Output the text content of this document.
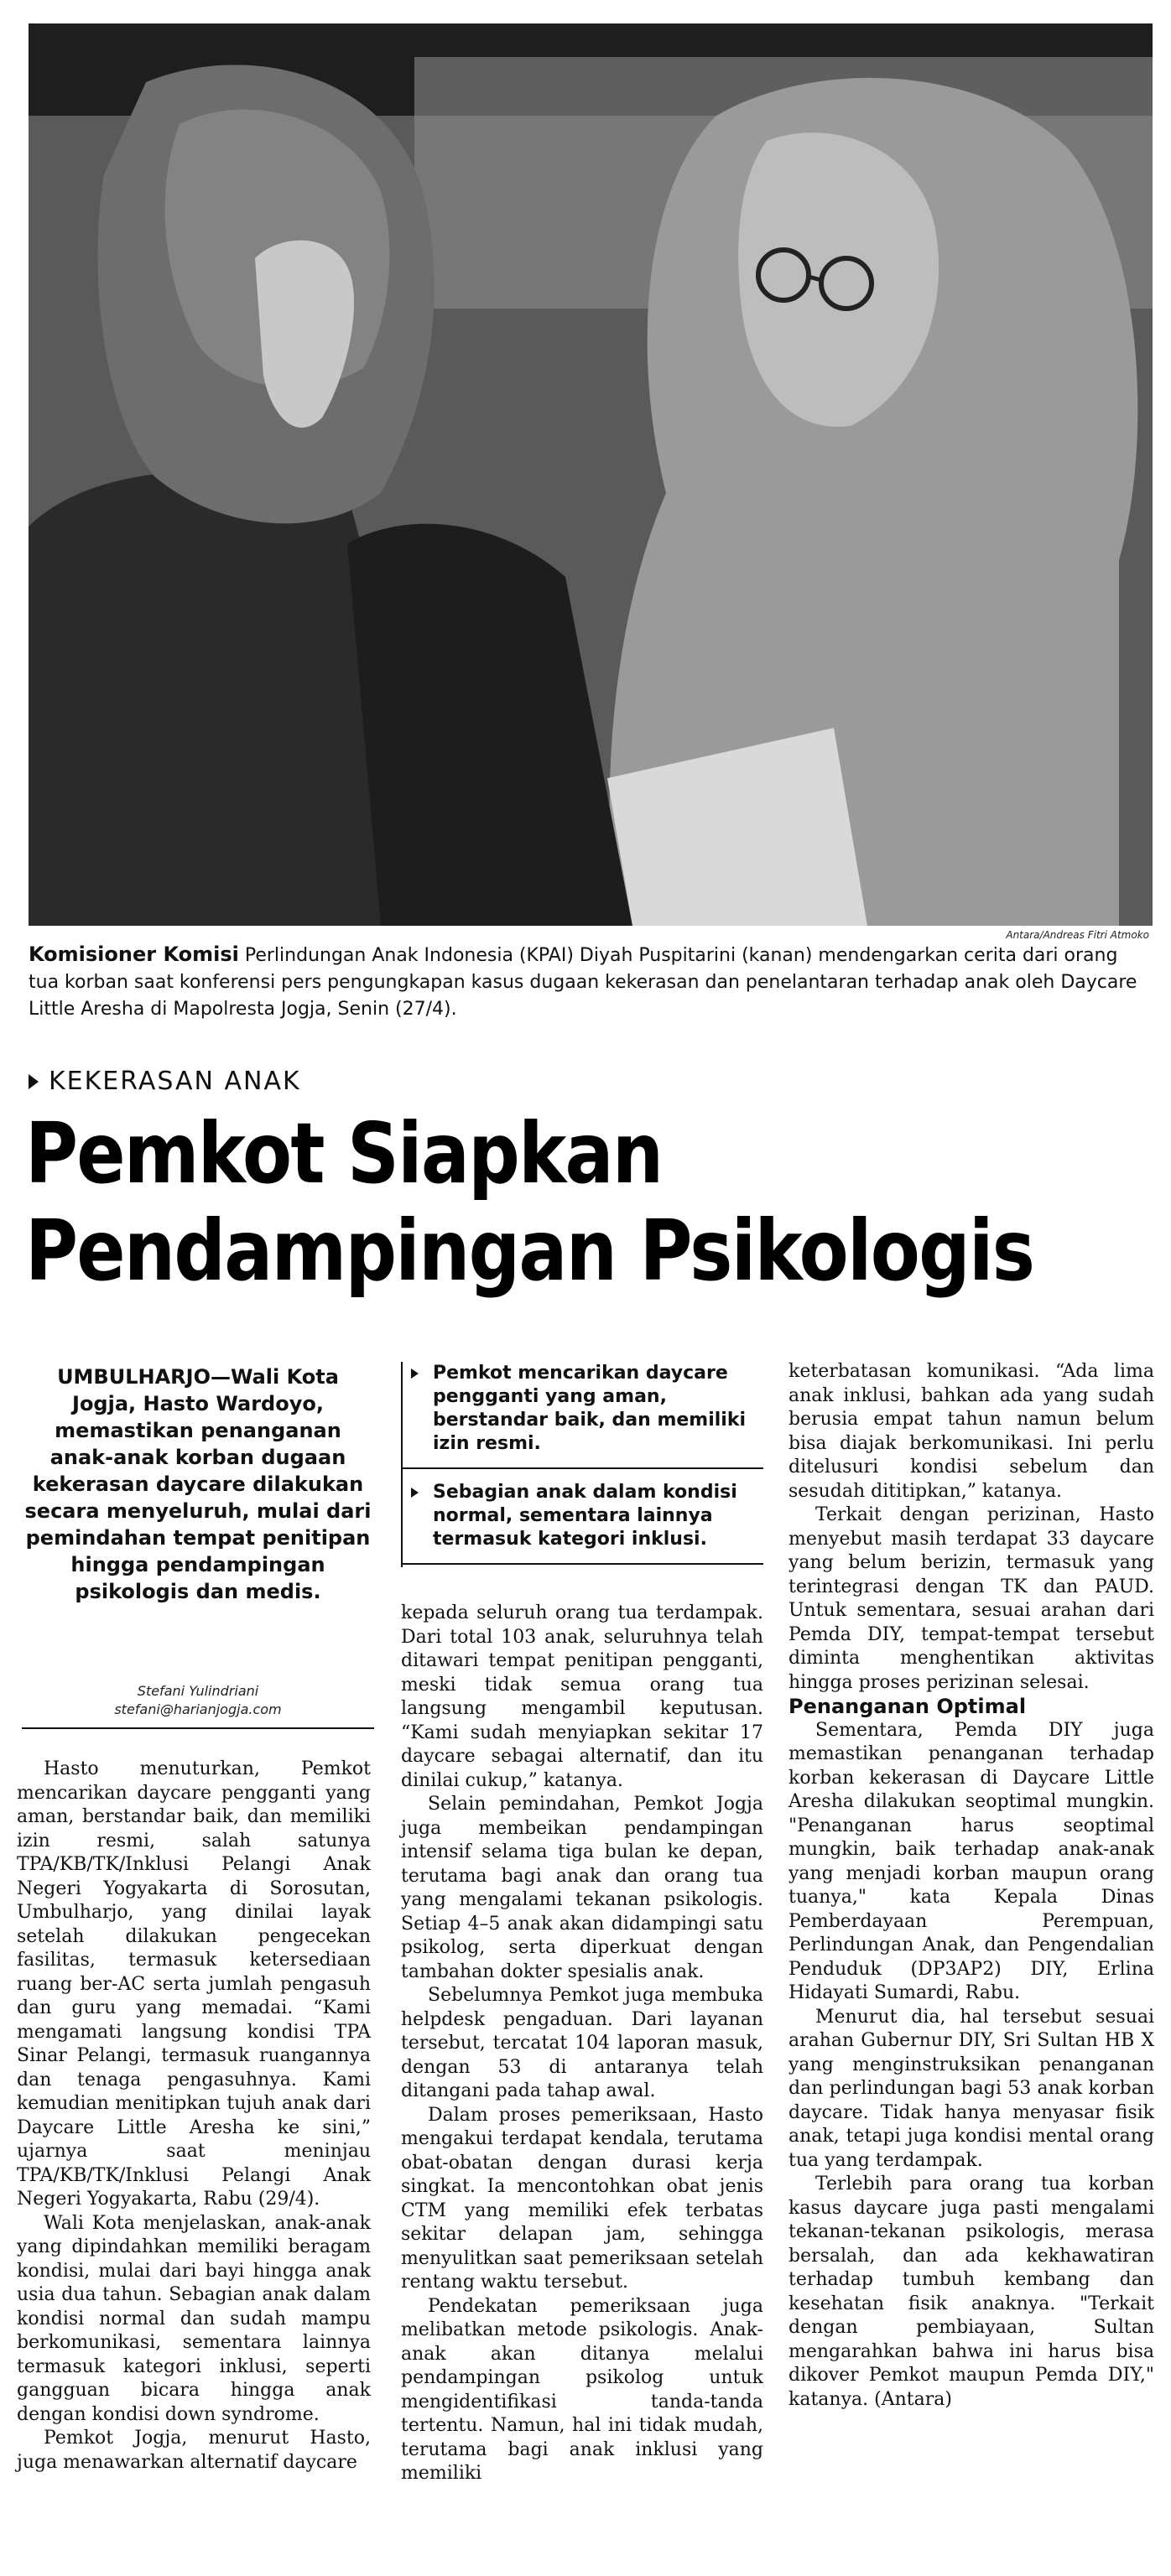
Antara/Andreas Fitri Atmoko
Komisioner Komisi Perlindungan Anak Indonesia (KPAI) Diyah Puspitarini (kanan) mendengarkan cerita dari orang tua korban saat konferensi pers pengungkapan kasus dugaan kekerasan dan penelantaran terhadap anak oleh Daycare Little Aresha di Mapolresta Jogja, Senin (27/4).
KEKERASAN ANAK
Pemkot Siapkan
Pendampingan Psikologis
UMBULHARJO—Wali Kota Jogja, Hasto Wardoyo, memastikan penanganan anak-anak korban dugaan kekerasan daycare dilakukan secara menyeluruh, mulai dari pemindahan tempat penitipan hingga pendampingan psikologis dan medis.
Stefani Yulindriani
stefani@harianjogja.com

Hasto menuturkan, Pemkot mencarikan daycare pengganti yang aman, berstandar baik, dan memiliki izin resmi, salah satunya TPA/KB/TK/Inklusi Pelangi Anak Negeri Yogyakarta di Sorosutan, Umbulharjo, yang dinilai layak setelah dilakukan pengecekan fasilitas, termasuk ketersediaan ruang ber-AC serta jumlah pengasuh dan guru yang memadai. “Kami mengamati langsung kondisi TPA Sinar Pelangi, termasuk ruangannya dan tenaga pengasuhnya. Kami kemudian menitipkan tujuh anak dari Daycare Little Aresha ke sini,” ujarnya saat meninjau TPA/KB/TK/Inklusi Pelangi Anak Negeri Yogyakarta, Rabu (29/4).

Wali Kota menjelaskan, anak-anak yang dipindahkan memiliki beragam kondisi, mulai dari bayi hingga anak usia dua tahun. Sebagian anak dalam kondisi normal dan sudah mampu berkomunikasi, sementara lainnya termasuk kategori inklusi, seperti gangguan bicara hingga anak dengan kondisi down syndrome.

Pemkot Jogja, menurut Hasto, juga menawarkan alternatif daycare

Pemkot mencarikan daycare pengganti yang aman, berstandar baik, dan memiliki izin resmi.
Sebagian anak dalam kondisi normal, sementara lainnya termasuk kategori inklusi.

kepada seluruh orang tua terdampak. Dari total 103 anak, seluruhnya telah ditawari tempat penitipan pengganti, meski tidak semua orang tua langsung mengambil keputusan. “Kami sudah menyiapkan sekitar 17 daycare sebagai alternatif, dan itu dinilai cukup,” katanya.

Selain pemindahan, Pemkot Jogja juga membeikan pendampingan intensif selama tiga bulan ke depan, terutama bagi anak dan orang tua yang mengalami tekanan psikologis. Setiap 4–5 anak akan didampingi satu psikolog, serta diperkuat dengan tambahan dokter spesialis anak.

Sebelumnya Pemkot juga membuka helpdesk pengaduan. Dari layanan tersebut, tercatat 104 laporan masuk, dengan 53 di antaranya telah ditangani pada tahap awal.

Dalam proses pemeriksaan, Hasto mengakui terdapat kendala, terutama obat-obatan dengan durasi kerja singkat. Ia mencontohkan obat jenis CTM yang memiliki efek terbatas sekitar delapan jam, sehingga menyulitkan saat pemeriksaan setelah rentang waktu tersebut.

Pendekatan pemeriksaan juga melibatkan metode psikologis. Anak-anak akan ditanya melalui pendampingan psikolog untuk mengidentifikasi tanda-tanda tertentu. Namun, hal ini tidak mudah, terutama bagi anak inklusi yang memiliki

keterbatasan komunikasi. “Ada lima anak inklusi, bahkan ada yang sudah berusia empat tahun namun belum bisa diajak berkomunikasi. Ini perlu ditelusuri kondisi sebelum dan sesudah dititipkan,” katanya.

Terkait dengan perizinan, Hasto menyebut masih terdapat 33 daycare yang belum berizin, termasuk yang terintegrasi dengan TK dan PAUD. Untuk sementara, sesuai arahan dari Pemda DIY, tempat-tempat tersebut diminta menghentikan aktivitas hingga proses perizinan selesai.

Penanganan Optimal

Sementara, Pemda DIY juga memastikan penanganan terhadap korban kekerasan di Daycare Little Aresha dilakukan seoptimal mungkin. "Penanganan harus seoptimal mungkin, baik terhadap anak-anak yang menjadi korban maupun orang tuanya," kata Kepala Dinas Pemberdayaan Perempuan, Perlindungan Anak, dan Pengendalian Penduduk (DP3AP2) DIY, Erlina Hidayati Sumardi, Rabu.

Menurut dia, hal tersebut sesuai arahan Gubernur DIY, Sri Sultan HB X yang menginstruksikan penanganan dan perlindungan bagi 53 anak korban daycare. Tidak hanya menyasar fisik anak, tetapi juga kondisi mental orang tua yang terdampak.

Terlebih para orang tua korban kasus daycare juga pasti mengalami tekanan-tekanan psikologis, merasa bersalah, dan ada kekhawatiran terhadap tumbuh kembang dan kesehatan fisik anaknya. "Terkait dengan pembiayaan, Sultan mengarahkan bahwa ini harus bisa dikover Pemkot maupun Pemda DIY," katanya. (Antara)
